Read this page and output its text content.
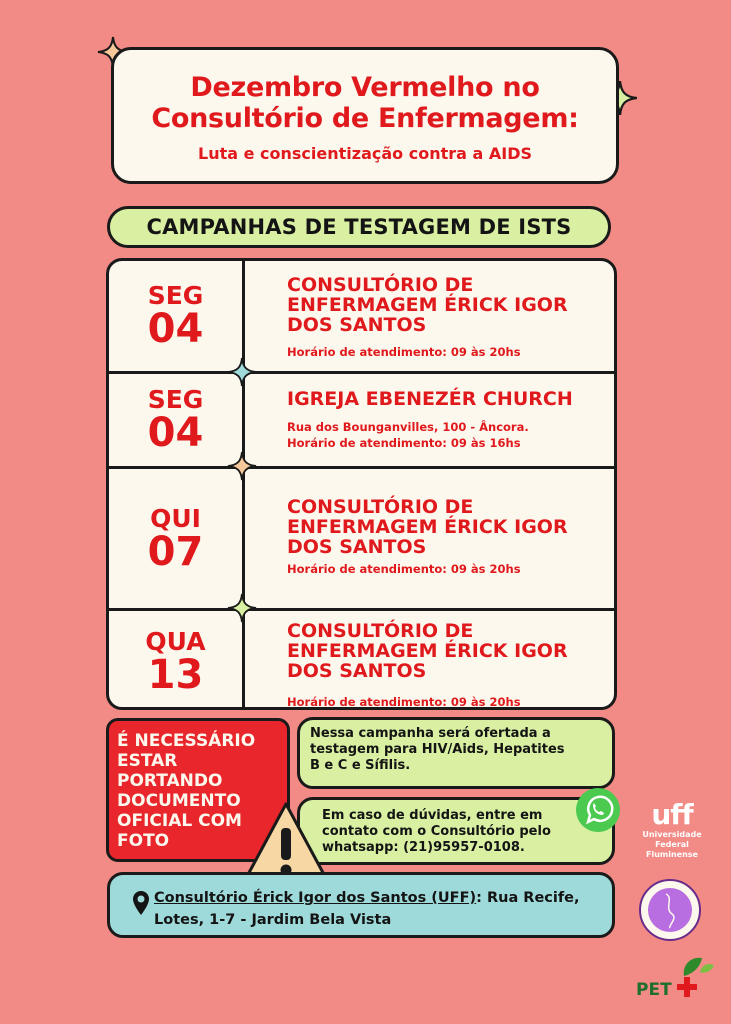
Dezembro Vermelho no
Consultório de Enfermagem:
Luta e conscientização contra a AIDS
CAMPANHAS DE TESTAGEM DE ISTS
SEG
04
CONSULTÓRIO DE
ENFERMAGEM ÉRICK IGOR
DOS SANTOS
Horário de atendimento: 09 às 20hs
SEG
04
IGREJA EBENEZÉR CHURCH
Rua dos Bounganvilles, 100 - Âncora.
Horário de atendimento: 09 às 16hs
QUI
07
CONSULTÓRIO DE
ENFERMAGEM ÉRICK IGOR
DOS SANTOS
Horário de atendimento: 09 às 20hs
QUA
13
CONSULTÓRIO DE
ENFERMAGEM ÉRICK IGOR
DOS SANTOS
Horário de atendimento: 09 às 20hs
É NECESSÁRIO
ESTAR
PORTANDO
DOCUMENTO
OFICIAL COM
FOTO
Nessa campanha será ofertada a
testagem para HIV/Aids, Hepatites
B e C e Sífilis.
Em caso de dúvidas, entre em
contato com o Consultório pelo
whatsapp: (21)95957-0108.
Consultório Érick Igor dos Santos (UFF): Rua Recife,
Lotes, 1-7 - Jardim Bela Vista
uff
Universidade
Federal
Fluminense
PET
